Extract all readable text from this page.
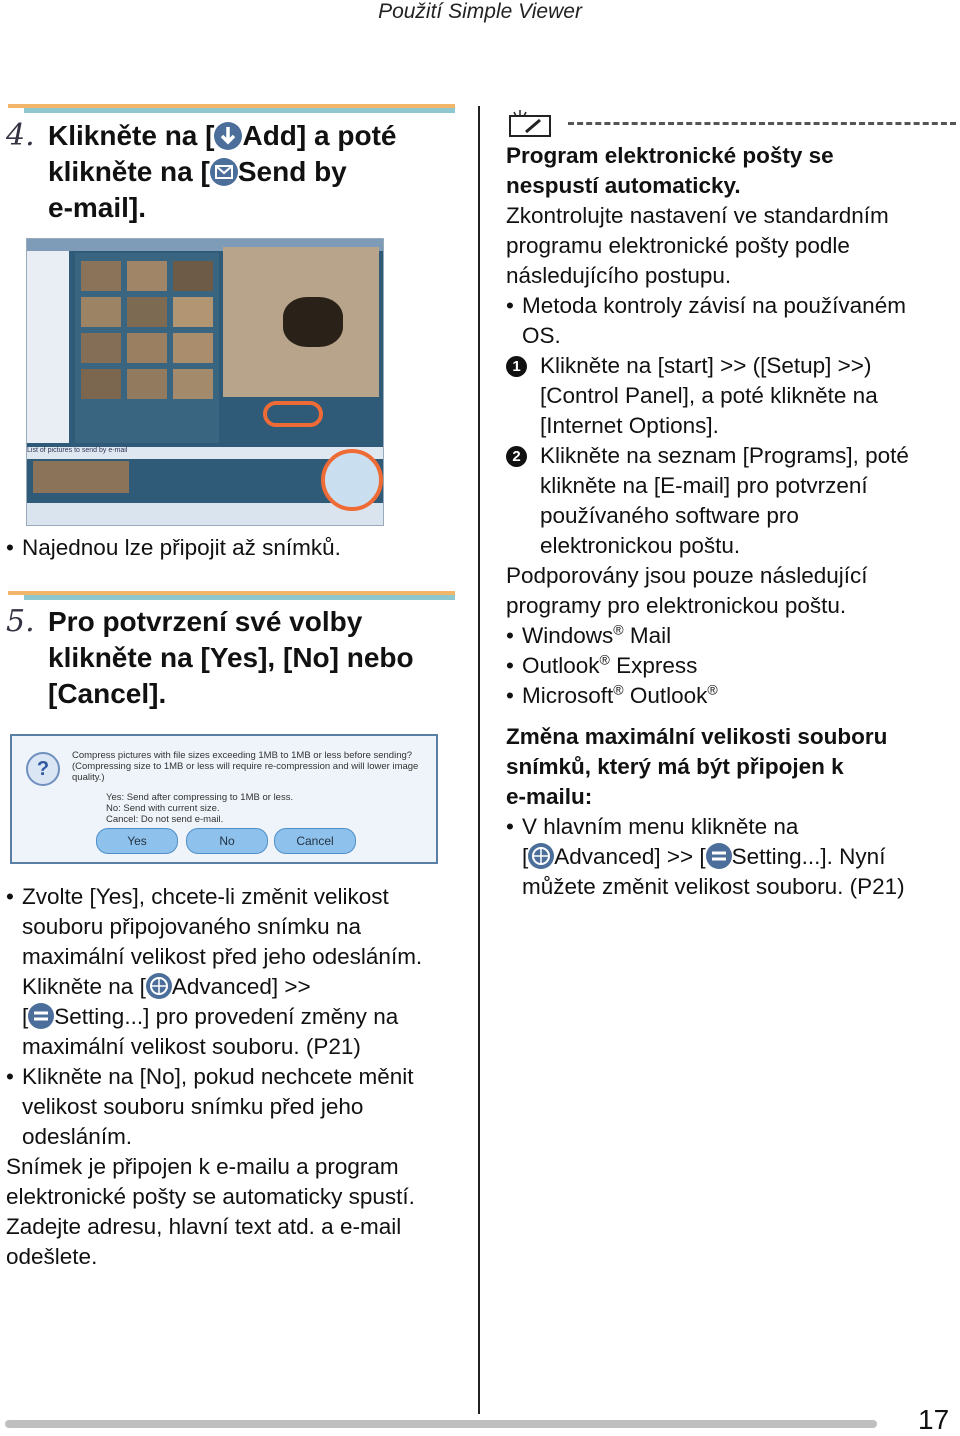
Použití Simple Viewer
4. Klikněte na [ Add] a poté
klikněte na [ Send by
e-mail].
List of pictures to send by e-mail
• Najednou lze připojit až snímků.
5. Pro potvrzení své volby
klikněte na [Yes], [No] nebo
[Cancel].
?
Compress pictures with file sizes exceeding 1MB to 1MB or less before sending?
(Compressing size to 1MB or less will require re-compression and will lower image quality.)
Yes: Send after compressing to 1MB or less.
No: Send with current size.
Cancel: Do not send e-mail.
Yes	No	Cancel
• Zvolte [Yes], chcete-li změnit velikost
souboru připojovaného snímku na
maximální velikost před jeho odesláním.
Klikněte na [ Advanced] >>
[ Setting...] pro provedení změny na
maximální velikost souboru. (P21)
• Klikněte na [No], pokud nechcete měnit
velikost souboru snímku před jeho
odesláním.
Snímek je připojen k e-mailu a program
elektronické pošty se automaticky spustí.
Zadejte adresu, hlavní text atd. a e-mail
odešlete.
Program elektronické pošty se
nespustí automaticky.
Zkontrolujte nastavení ve standardním
programu elektronické pošty podle
následujícího postupu.
• Metoda kontroly závisí na používaném
OS.
1 Klikněte na [start] >> ([Setup] >>)
[Control Panel], a poté klikněte na
[Internet Options].
2 Klikněte na seznam [Programs], poté
klikněte na [E-mail] pro potvrzení
používaného software pro
elektronickou poštu.
Podporovány jsou pouze následující
programy pro elektronickou poštu.
• Windows® Mail
• Outlook® Express
• Microsoft® Outlook®
Změna maximální velikosti souboru
snímků, který má být připojen k
e-mailu:
• V hlavním menu klikněte na
[ Advanced] >> [ Setting...]. Nyní
můžete změnit velikost souboru. (P21)
17
